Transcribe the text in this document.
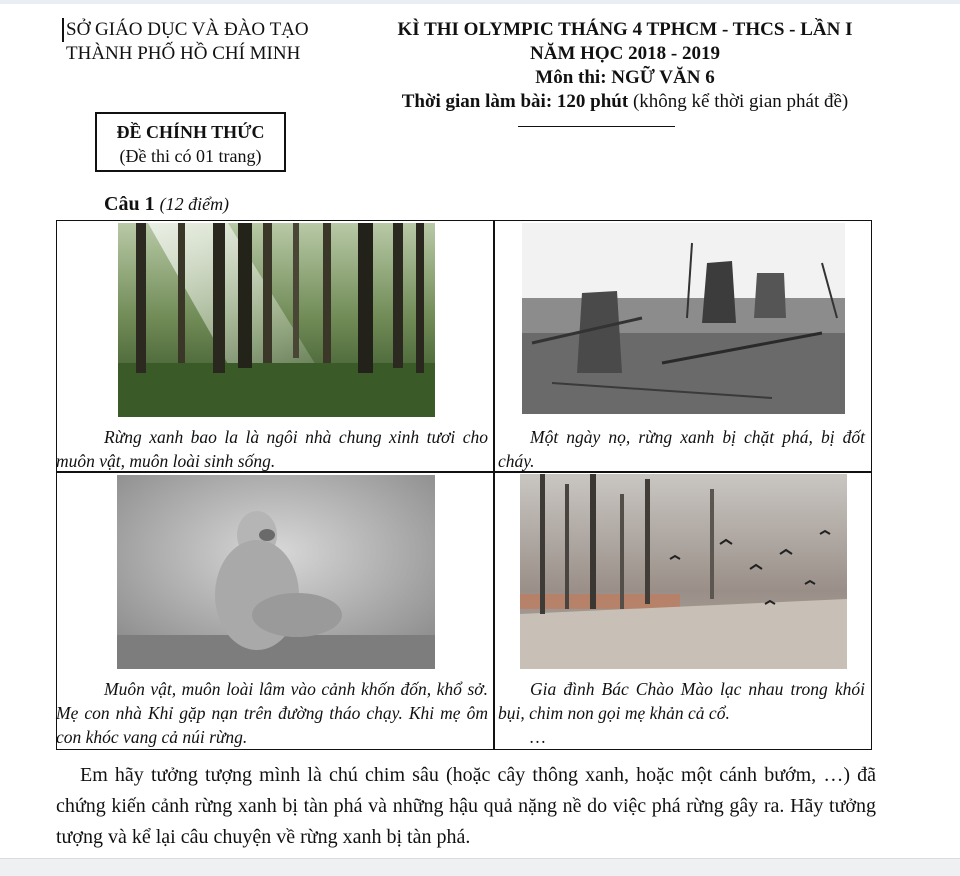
SỞ GIÁO DỤC VÀ ĐÀO TẠO
THÀNH PHỐ HỒ CHÍ MINH
KÌ THI OLYMPIC THÁNG 4 TPHCM - THCS - LẦN I
NĂM HỌC 2018 - 2019
Môn thi: NGỮ VĂN 6
Thời gian làm bài: 120 phút (không kể thời gian phát đề)
ĐỀ CHÍNH THỨC
(Đề thi có 01 trang)
Câu 1 (12 điểm)
Rừng xanh bao la là ngôi nhà chung xinh tươi cho muôn vật, muôn loài sinh sống.
Một ngày nọ, rừng xanh bị chặt phá, bị đốt cháy.
Muôn vật, muôn loài lâm vào cảnh khốn đốn, khổ sở. Mẹ con nhà Khỉ gặp nạn trên đường tháo chạy. Khi mẹ ôm con khóc vang cả núi rừng.
Gia đình Bác Chào Mào lạc nhau trong khói bụi, chim non gọi mẹ khản cả cổ.
…
Em hãy tưởng tượng mình là chú chim sâu (hoặc cây thông xanh, hoặc một cánh bướm, …) đã chứng kiến cảnh rừng xanh bị tàn phá và những hậu quả nặng nề do việc phá rừng gây ra. Hãy tưởng tượng và kể lại câu chuyện về rừng xanh bị tàn phá.
